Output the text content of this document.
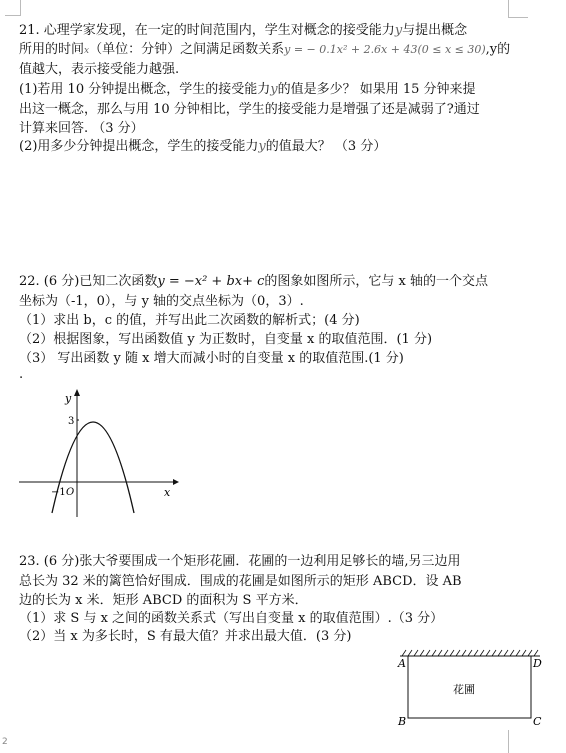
21. 心理学家发现，在一定的时间范围内，学生对概念的接受能力y与提出概念
所用的时间x（单位：分钟）之间满足函数关系y = − 0.1x² + 2.6x + 43(0 ≤ x ≤ 30),y的
值越大，表示接受能力越强.
(1)若用 10 分钟提出概念，学生的接受能力y的值是多少？ 如果用 15 分钟来提
出这一概念，那么与用 10 分钟相比，学生的接受能力是增强了还是减弱了?通过
计算来回答. （3 分）
(2)用多少分钟提出概念，学生的接受能力y的值最大？ （3 分）
22. (6 分)已知二次函数y = −x² + bx+ c的图象如图所示，它与 x 轴的一个交点
坐标为（-1，0），与 y 轴的交点坐标为（0，3）.
（1）求出 b，c 的值，并写出此二次函数的解析式；(4 分)
（2）根据图象，写出函数值 y 为正数时，自变量 x 的取值范围．(1 分)
（3） 写出函数 y 随 x 增大而减小时的自变量 x 的取值范围.(1 分)
.
y
x
3
−1 O
23. (6 分)张大爷要围成一个矩形花圃．花圃的一边利用足够长的墙,另三边用
总长为 32 米的篱笆恰好围成．围成的花圃是如图所示的矩形 ABCD．设 AB
边的长为 x 米．矩形 ABCD 的面积为 S 平方米．
（1）求 S 与 x 之间的函数关系式（写出自变量 x 的取值范围）.（3 分）
（2）当 x 为多长时，S 有最大值？并求出最大值．(3 分)
A	D
B	C
花圃
2
